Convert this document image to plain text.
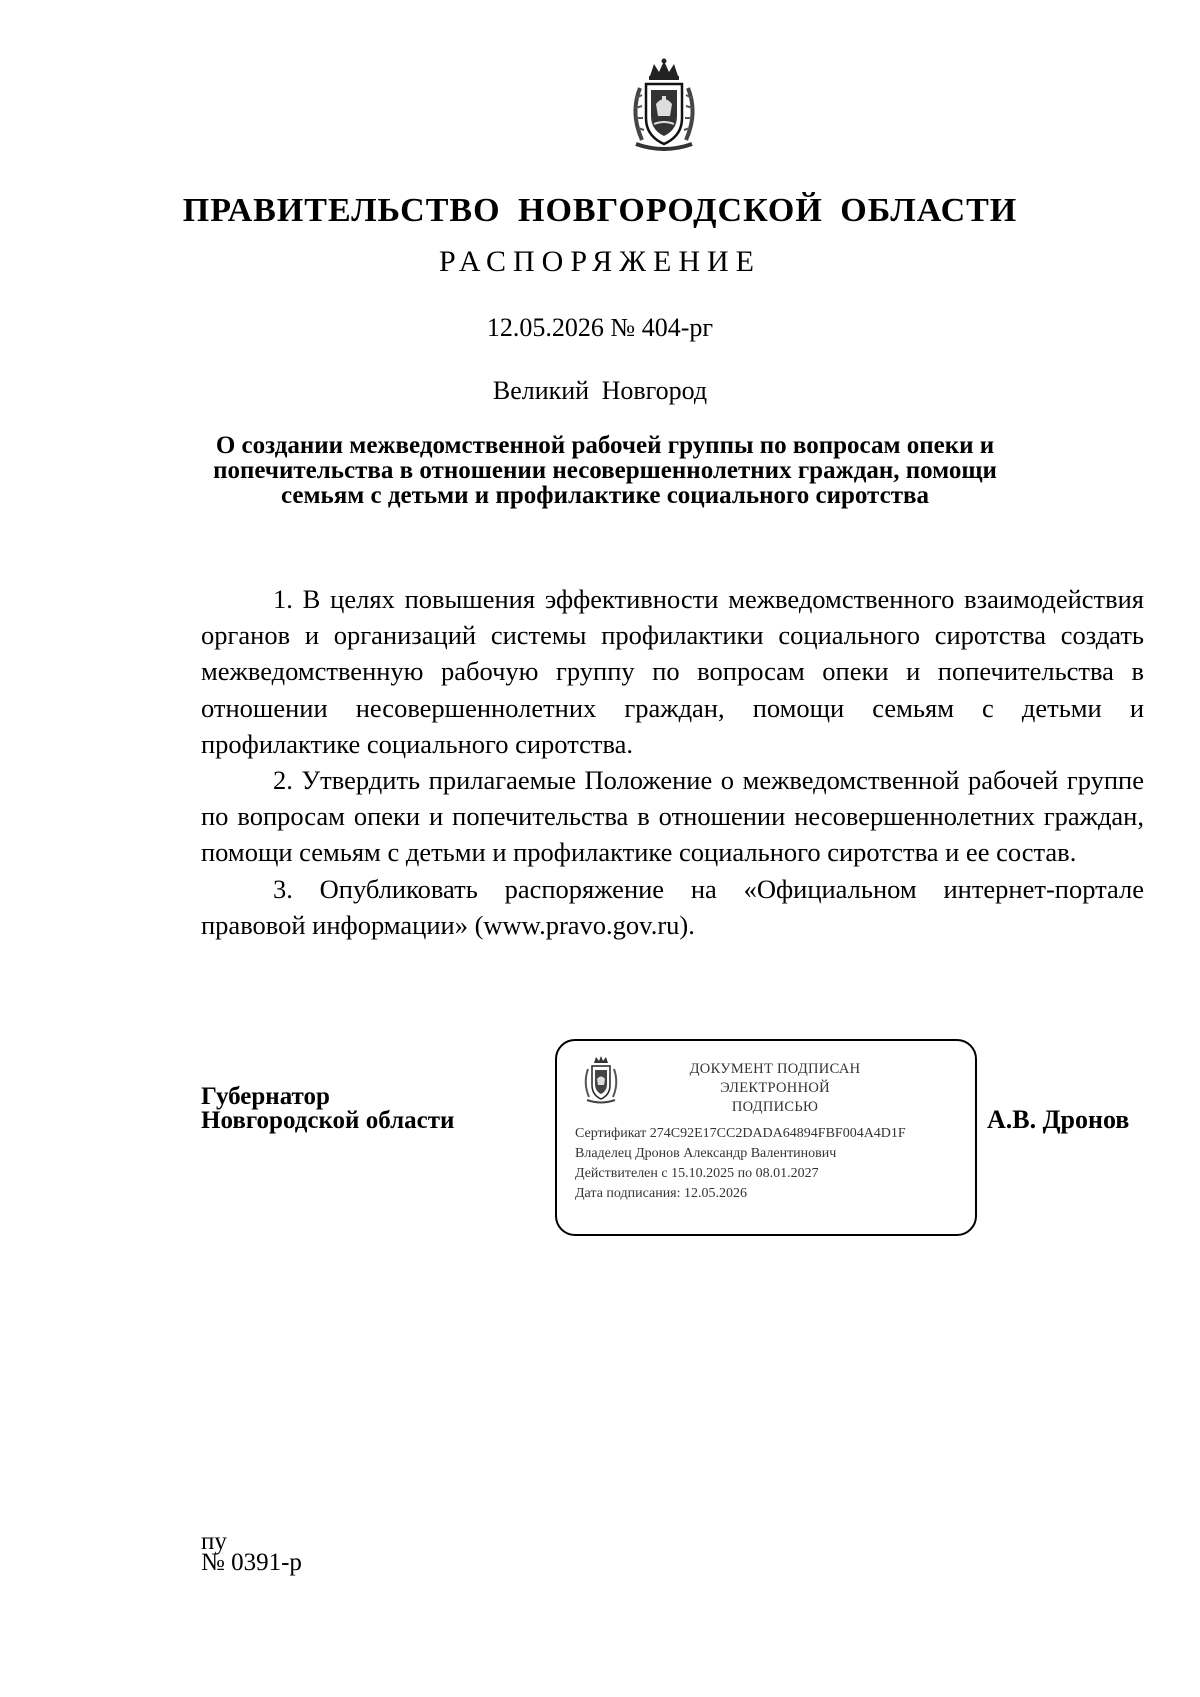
ПРАВИТЕЛЬСТВО НОВГОРОДСКОЙ ОБЛАСТИ
РАСПОРЯЖЕНИЕ
12.05.2026 № 404-рг
Великий Новгород
О создании межведомственной рабочей группы по вопросам опеки и попечительства в отношении несовершеннолетних граждан, помощи семьям с детьми и профилактике социального сиротства

1. В целях повышения эффективности межведомственного взаимодействия органов и организаций системы профилактики социального сиротства создать межведомственную рабочую группу по вопросам опеки и попечительства в отношении несовершеннолетних граждан, помощи семьям с детьми и профилактике социального сиротства.

2. Утвердить прилагаемые Положение о межведомственной рабочей группе по вопросам опеки и попечительства в отношении несовершеннолетних граждан, помощи семьям с детьми и профилактике социального сиротства и ее состав.

3. Опубликовать распоряжение на «Официальном интернет-портале правовой информации» (www.pravo.gov.ru).

Губернатор
Новгородской области
ДОКУМЕНТ ПОДПИСАН
ЭЛЕКТРОННОЙ ПОДПИСЬЮ
Сертификат 274C92E17CC2DADA64894FBF004A4D1F
Владелец Дронов Александр Валентинович
Действителен с 15.10.2025 по 08.01.2027
Дата подписания: 12.05.2026
А.В. Дронов
пу
№ 0391-р
